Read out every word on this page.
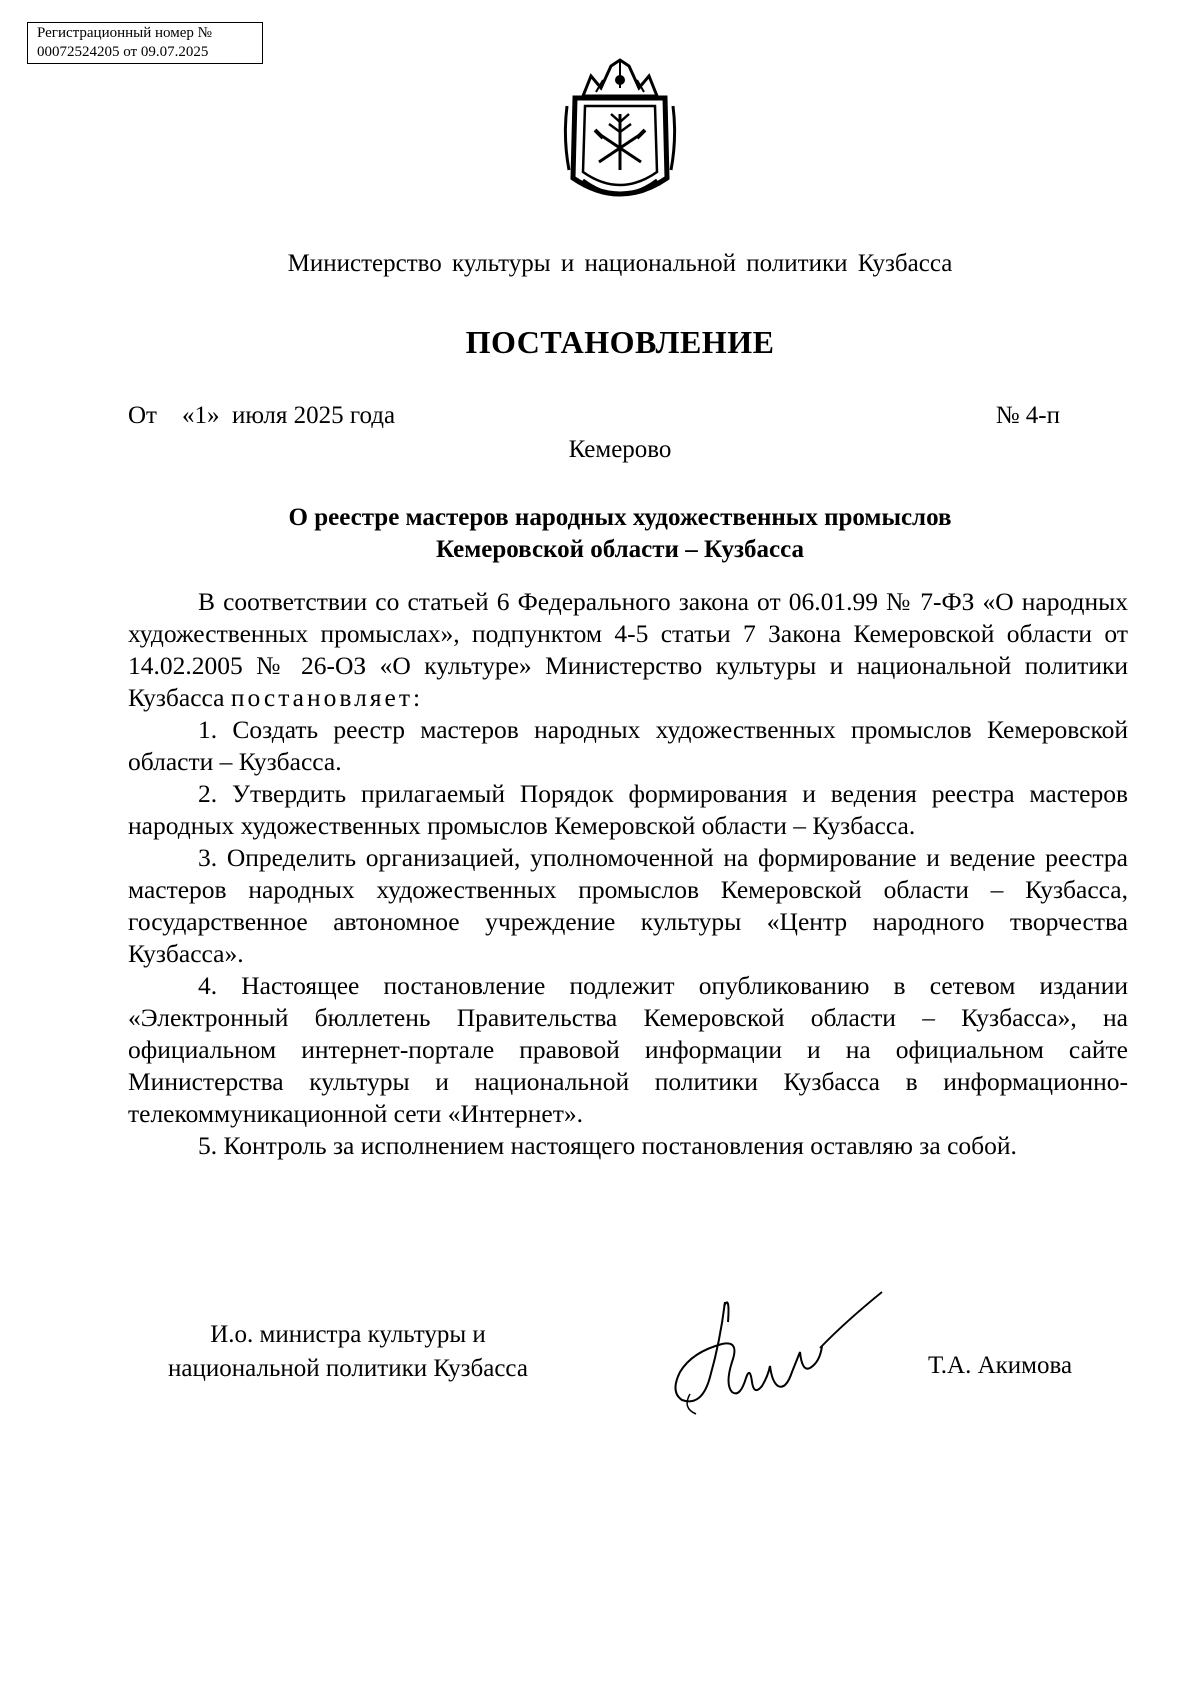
Регистрационный номер №
00072524205 от 09.07.2025
Министерство культуры и национальной политики Кузбасса
ПОСТАНОВЛЕНИЕ
От    «1»  июля 2025 года	№ 4-п
Кемерово
О реестре мастеров народных художественных промыслов
Кемеровской области – Кузбасса

В соответствии со статьей 6 Федерального закона от 06.01.99 № 7-ФЗ «О народных художественных промыслах», подпунктом 4-5 статьи 7 Закона Кемеровской области от 14.02.2005 № 26-ОЗ «О культуре» Министерство культуры и национальной политики Кузбасса постановляет:

1. Создать реестр мастеров народных художественных промыслов Кемеровской области – Кузбасса.

2. Утвердить прилагаемый Порядок формирования и ведения реестра мастеров народных художественных промыслов Кемеровской области – Кузбасса.

3. Определить организацией, уполномоченной на формирование и ведение реестра мастеров народных художественных промыслов Кемеровской области – Кузбасса, государственное автономное учреждение культуры «Центр народного творчества Кузбасса».

4. Настоящее постановление подлежит опубликованию в сетевом издании «Электронный бюллетень Правительства Кемеровской области – Кузбасса», на официальном интернет-портале правовой информации и на официальном сайте Министерства культуры и национальной политики Кузбасса в информационно-телекоммуникационной сети «Интернет».

5. Контроль за исполнением настоящего постановления оставляю за собой.

И.о. министра культуры и
национальной политики Кузбасса	Т.А. Акимова
